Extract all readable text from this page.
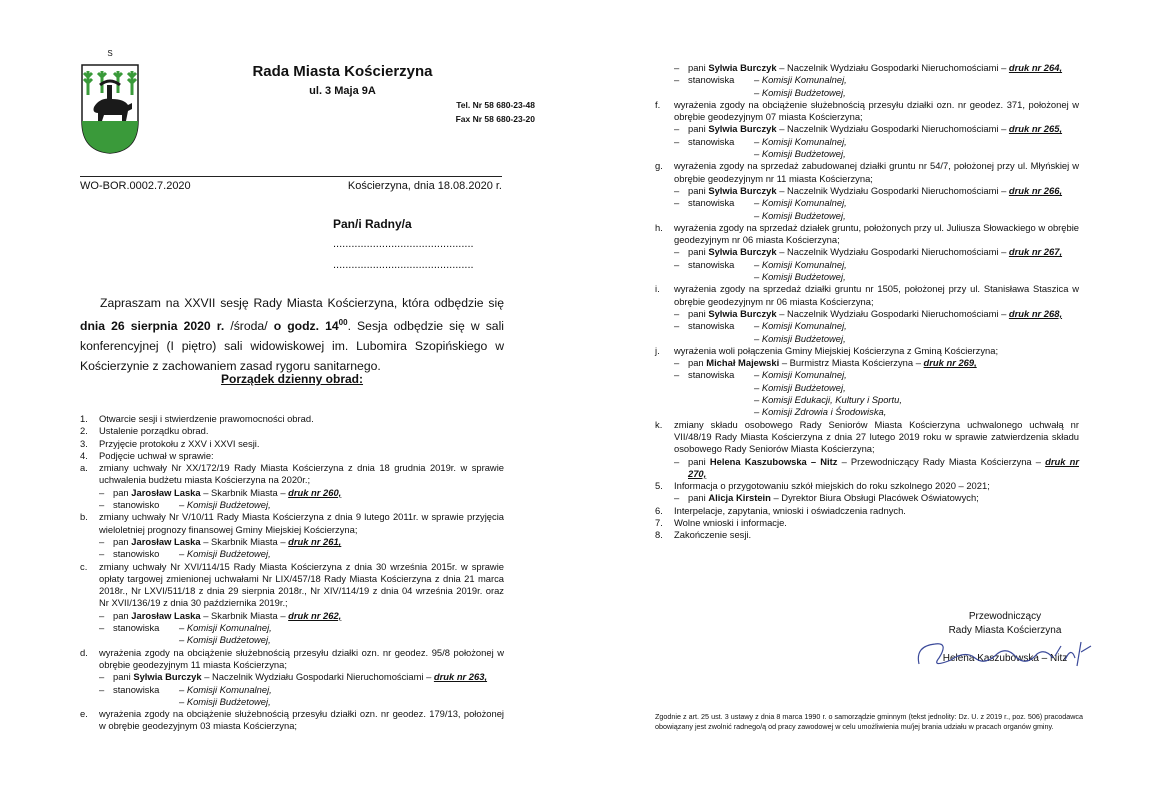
S
Rada Miasta Kościerzyna
ul. 3 Maja 9A
Tel. Nr 58 680-23-48
Fax Nr 58 680-23-20
WO-BOR.0002.7.2020	Kościerzyna, dnia 18.08.2020 r.
Pan/i Radny/a
..............................................
..............................................
Zapraszam na XXVII sesję Rady Miasta Kościerzyna, która odbędzie się dnia 26 sierpnia 2020 r. /środa/ o godz. $14^{00}$. Sesja odbędzie się w sali konferencyjnej (I piętro) sali widowiskowej im. Lubomira Szopińskiego w Kościerzynie z zachowaniem zasad rygoru sanitarnego.
Porządek dzienny obrad:
1.	Otwarcie sesji i stwierdzenie prawomocności obrad.
2.	Ustalenie porządku obrad.
3.	Przyjęcie protokołu z XXV i XXVI sesji.
4.	Podjęcie uchwał w sprawie:
a.	zmiany uchwały Nr XX/172/19 Rady Miasta Kościerzyna z dnia 18 grudnia 2019r. w sprawie uchwalenia budżetu miasta Kościerzyna na 2020r.;
– pan Jarosław Laska – Skarbnik Miasta – druk nr 260,
– stanowisko	– Komisji Budżetowej,
b.	zmiany uchwały Nr V/10/11 Rady Miasta Kościerzyna z dnia 9 lutego 2011r. w sprawie przyjęcia wieloletniej prognozy finansowej Gminy Miejskiej Kościerzyna;
– pan Jarosław Laska – Skarbnik Miasta – druk nr 261,
– stanowisko	– Komisji Budżetowej,
c.	zmiany uchwały Nr XVI/114/15 Rady Miasta Kościerzyna z dnia 30 września 2015r. w sprawie opłaty targowej zmienionej uchwałami Nr LIX/457/18 Rady Miasta Kościerzyna z dnia 21 marca 2018r., Nr LXVI/511/18 z dnia 29 sierpnia 2018r., Nr XIV/114/19 z dnia 04 września 2019r. oraz Nr XVII/136/19 z dnia 30 października 2019r.;
– pan Jarosław Laska – Skarbnik Miasta – druk nr 262,
– stanowiska	– Komisji Komunalnej,
– Komisji Budżetowej,
d.	wyrażenia zgody na obciążenie służebnością przesyłu działki ozn. nr geodez. 95/8 położonej w obrębie geodezyjnym 11 miasta Kościerzyna;
– pani Sylwia Burczyk – Naczelnik Wydziału Gospodarki Nieruchomościami – druk nr 263,
– stanowiska	– Komisji Komunalnej,
– Komisji Budżetowej,
e.	wyrażenia zgody na obciążenie służebnością przesyłu działki ozn. nr geodez. 179/13, położonej w obrębie geodezyjnym 03 miasta Kościerzyna;
– pani Sylwia Burczyk – Naczelnik Wydziału Gospodarki Nieruchomościami – druk nr 264,
– stanowiska	– Komisji Komunalnej,
– Komisji Budżetowej,
f.	wyrażenia zgody na obciążenie służebnością przesyłu działki ozn. nr geodez. 371, położonej w obrębie geodezyjnym 07 miasta Kościerzyna;
– pani Sylwia Burczyk – Naczelnik Wydziału Gospodarki Nieruchomościami – druk nr 265,
– stanowiska	– Komisji Komunalnej,
– Komisji Budżetowej,
g.	wyrażenia zgody na sprzedaż zabudowanej działki gruntu nr 54/7, położonej przy ul. Młyńskiej w obrębie geodezyjnym nr 11 miasta Kościerzyna;
– pani Sylwia Burczyk – Naczelnik Wydziału Gospodarki Nieruchomościami – druk nr 266,
– stanowiska	– Komisji Komunalnej,
– Komisji Budżetowej,
h.	wyrażenia zgody na sprzedaż działek gruntu, położonych przy ul. Juliusza Słowackiego w obrębie geodezyjnym nr 06 miasta Kościerzyna;
– pani Sylwia Burczyk – Naczelnik Wydziału Gospodarki Nieruchomościami – druk nr 267,
– stanowiska	– Komisji Komunalnej,
– Komisji Budżetowej,
i.	wyrażenia zgody na sprzedaż działki gruntu nr 1505, położonej przy ul. Stanisława Staszica w obrębie geodezyjnym nr 06 miasta Kościerzyna;
– pani Sylwia Burczyk – Naczelnik Wydziału Gospodarki Nieruchomościami – druk nr 268,
– stanowiska	– Komisji Komunalnej,
– Komisji Budżetowej,
j.	wyrażenia woli połączenia Gminy Miejskiej Kościerzyna z Gminą Kościerzyna;
– pan Michał Majewski – Burmistrz Miasta Kościerzyna – druk nr 269,
– stanowiska	– Komisji Komunalnej,
– Komisji Budżetowej,
– Komisji Edukacji, Kultury i Sportu,
– Komisji Zdrowia i Środowiska,
k.	zmiany składu osobowego Rady Seniorów Miasta Kościerzyna uchwalonego uchwałą nr VII/48/19 Rady Miasta Kościerzyna z dnia 27 lutego 2019 roku w sprawie zatwierdzenia składu osobowego Rady Seniorów Miasta Kościerzyna;
– pani Helena Kaszubowska – Nitz – Przewodniczący Rady Miasta Kościerzyna – druk nr 270,
5.	Informacja o przygotowaniu szkół miejskich do roku szkolnego 2020 – 2021;
– pani Alicja Kirstein – Dyrektor Biura Obsługi Placówek Oświatowych;
6.	Interpelacje, zapytania, wnioski i oświadczenia radnych.
7.	Wolne wnioski i informacje.
8.	Zakończenie sesji.
Przewodniczący
Rady Miasta Kościerzyna
Helena Kaszubowska – Nitz
Zgodnie z art. 25 ust. 3 ustawy z dnia 8 marca 1990 r. o samorządzie gminnym (tekst jednolity: Dz. U. z 2019 r., poz. 506) pracodawca obowiązany jest zwolnić radnego/ą od pracy zawodowej w celu umożliwienia mu/jej brania udziału w pracach organów gminy.
